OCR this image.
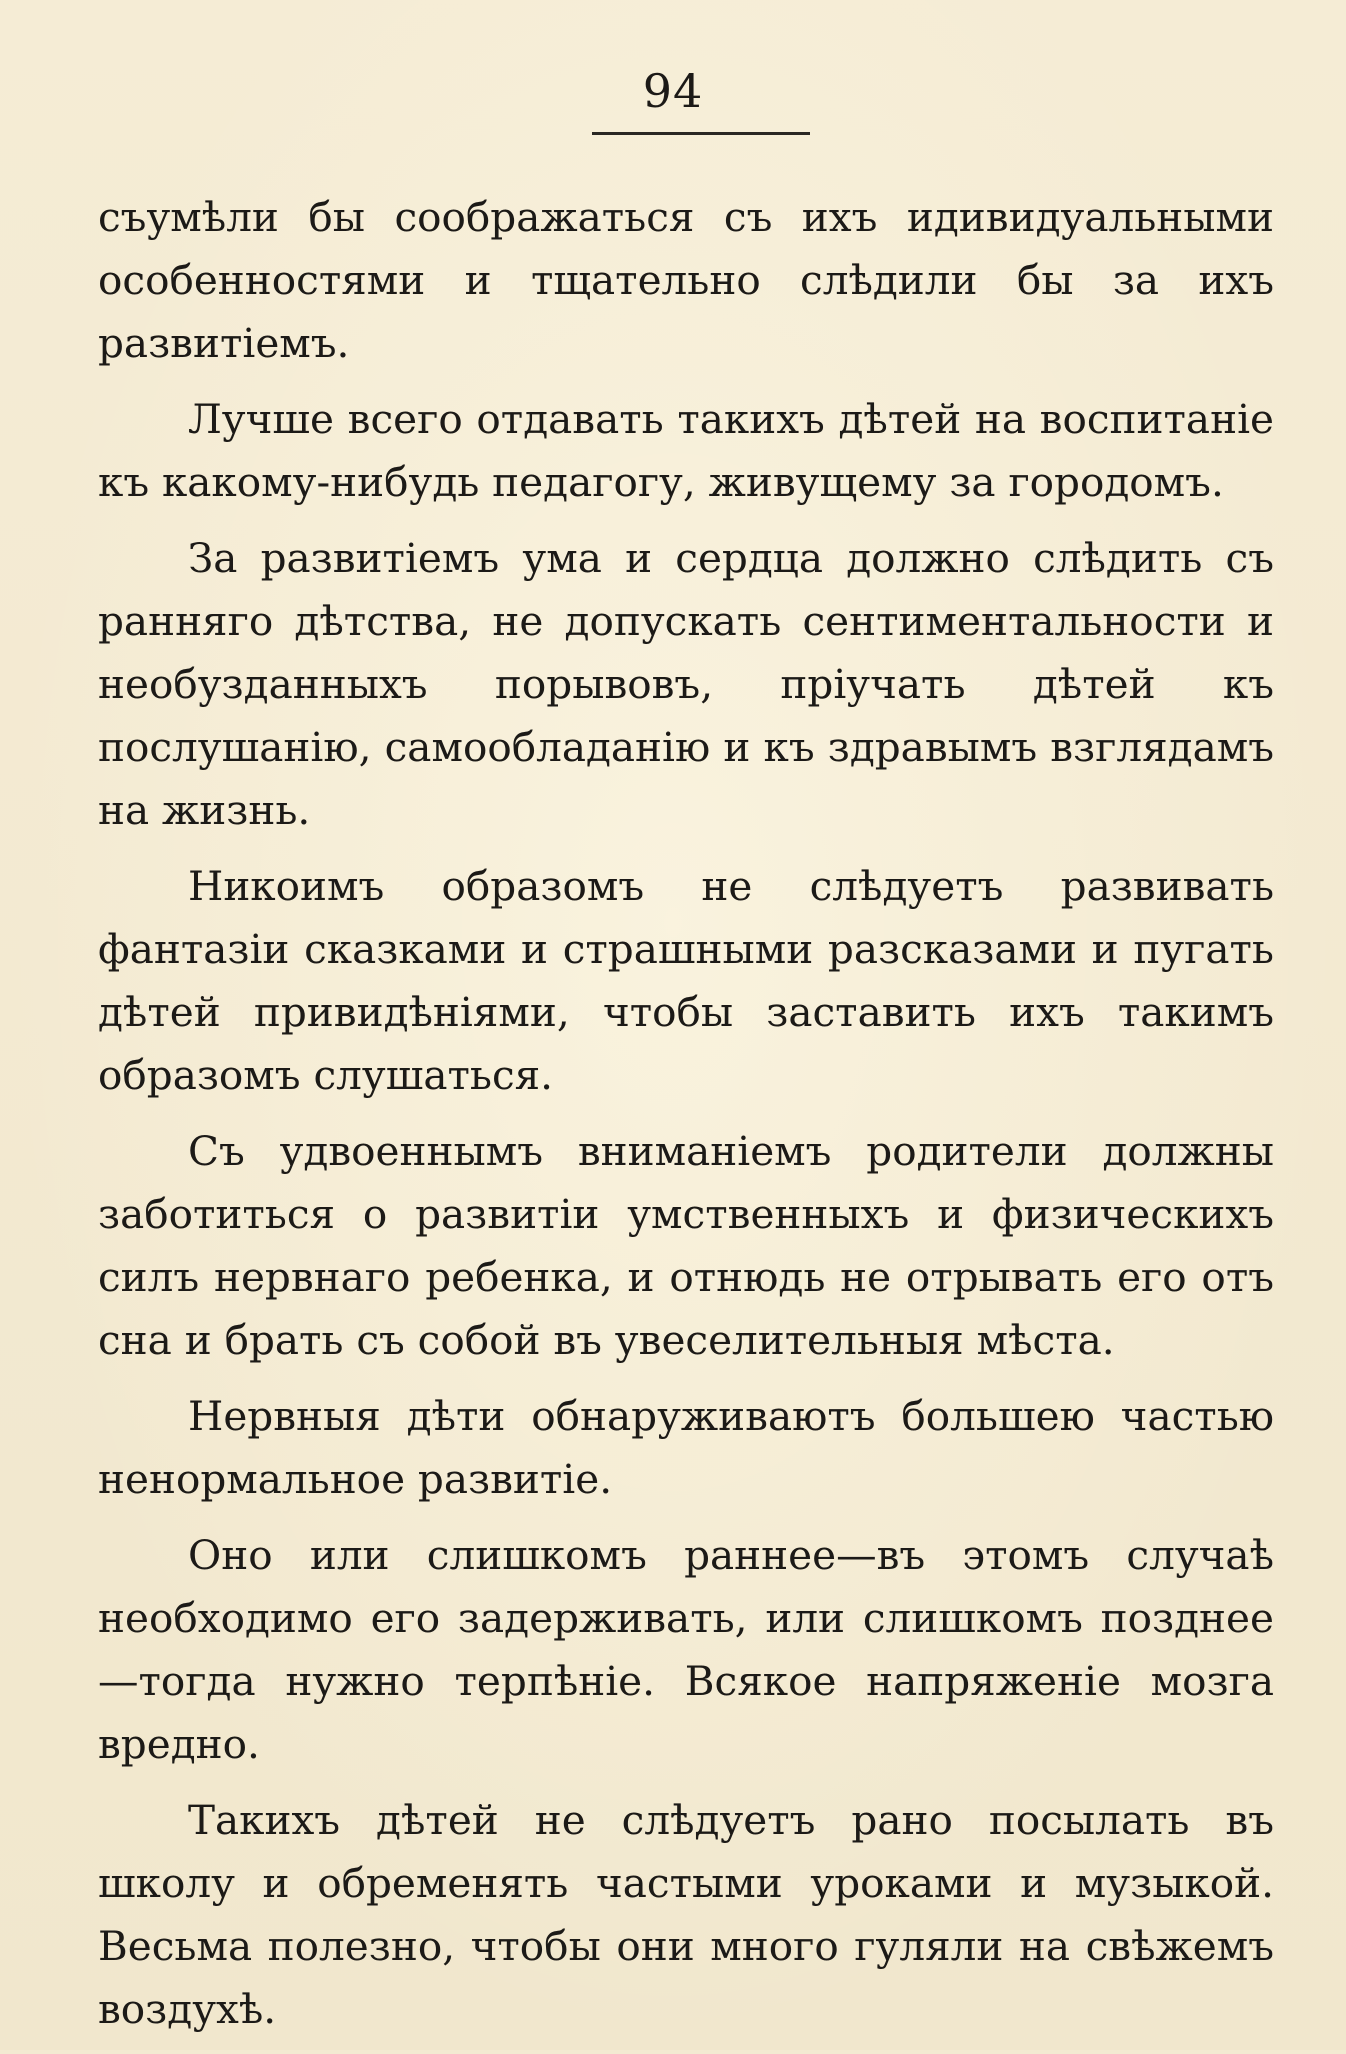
94

съумѣли бы соображаться съ ихъ идивидуальными особенностями и тщательно слѣдили бы за ихъ развитіемъ.

Лучше всего отдавать такихъ дѣтей на воспитаніе къ какому-нибудь педагогу, живущему за городомъ.

За развитіемъ ума и сердца должно слѣдить съ ранняго дѣтства, не допускать сентиментальности и необузданныхъ порывовъ, пріучать дѣтей къ послушанію, самообладанію и къ здравымъ взглядамъ на жизнь.

Никоимъ образомъ не слѣдуетъ развивать фантазіи сказками и страшными разсказами и пугать дѣтей привидѣніями, чтобы заставить ихъ такимъ образомъ слушаться.

Съ удвоеннымъ вниманіемъ родители должны заботиться о развитіи умственныхъ и физическихъ силъ нервнаго ребенка, и отнюдь не отрывать его отъ сна и брать съ собой въ увеселительныя мѣста.

Нервныя дѣти обнаруживаютъ большею частью ненормальное развитіе.

Оно или слишкомъ раннее—въ этомъ случаѣ необходимо его задерживать, или слишкомъ позднее—тогда нужно терпѣніе. Всякое напряженіе мозга вредно.

Такихъ дѣтей не слѣдуетъ рано посылать въ школу и обременять частыми уроками и музыкой. Весьма полезно, чтобы они много гуляли на свѣжемъ воздухѣ.
